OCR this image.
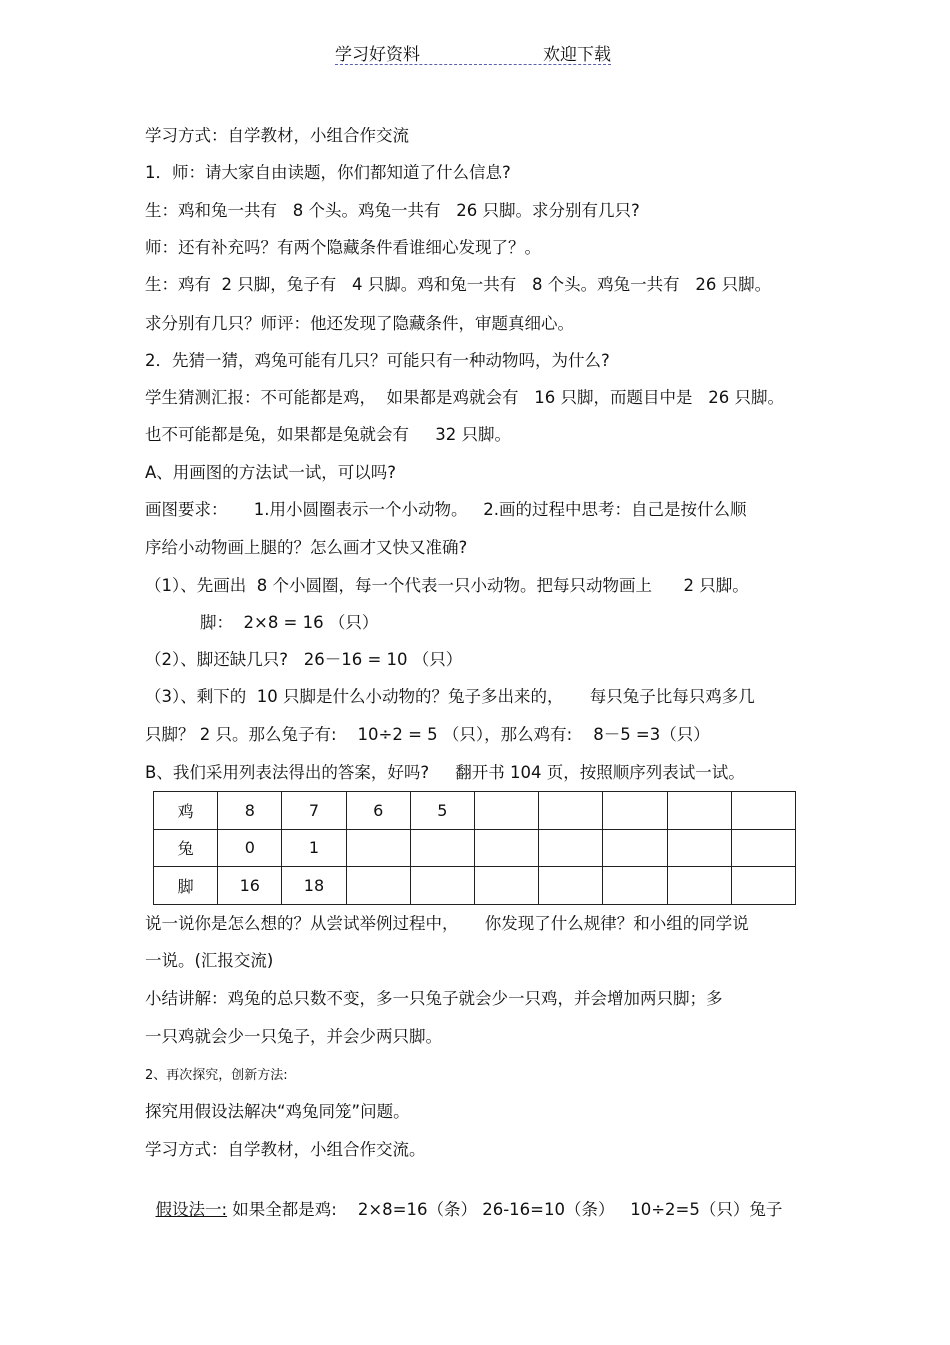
学习好资料	欢迎下载
学习方式：自学教材，小组合作交流
1．师：请大家自由读题，你们都知道了什么信息?
生：鸡和兔一共有   8 个头。鸡兔一共有   26 只脚。求分别有几只?
师：还有补充吗？有两个隐藏条件看谁细心发现了？。
生：鸡有  2 只脚，兔子有   4 只脚。鸡和兔一共有   8 个头。鸡兔一共有   26 只脚。
求分别有几只？师评：他还发现了隐藏条件，审题真细心。
2．先猜一猜，鸡兔可能有几只？可能只有一种动物吗，为什么?
学生猜测汇报：不可能都是鸡，  如果都是鸡就会有   16 只脚，而题目中是   26 只脚。
也不可能都是兔，如果都是兔就会有     32 只脚。
A、用画图的方法试一试，可以吗?
画图要求：     1.用小圆圈表示一个小动物。   2.画的过程中思考：自己是按什么顺
序给小动物画上腿的？怎么画才又快又准确?
（1）、先画出  8 个小圆圈，每一个代表一只小动物。把每只动物画上      2 只脚。
脚：  2×8 = 16 （只）
（2）、脚还缺几只?   26－16 = 10 （只）
（3）、剩下的  10 只脚是什么小动物的？兔子多出来的，     每只兔子比每只鸡多几
只脚？ 2 只。那么兔子有:    10÷2 = 5 （只），那么鸡有:    8－5 =3（只）
B、我们采用列表法得出的答案，好吗?     翻开书 104 页，按照顺序列表试一试。
鸡	8	7	6	5					
兔	0	1							
脚	16	18							
说一说你是怎么想的？从尝试举例过程中，     你发现了什么规律？和小组的同学说
一说。(汇报交流)
小结讲解：鸡兔的总只数不变，多一只兔子就会少一只鸡，并会增加两只脚；多
一只鸡就会少一只兔子，并会少两只脚。
2、再次探究，创新方法:
探究用假设法解决“鸡兔同笼”问题。
学习方式：自学教材，小组合作交流。

假设法一: 如果全都是鸡:    2×8=16（条） 26-16=10（条）   10÷2=5（只）兔子
